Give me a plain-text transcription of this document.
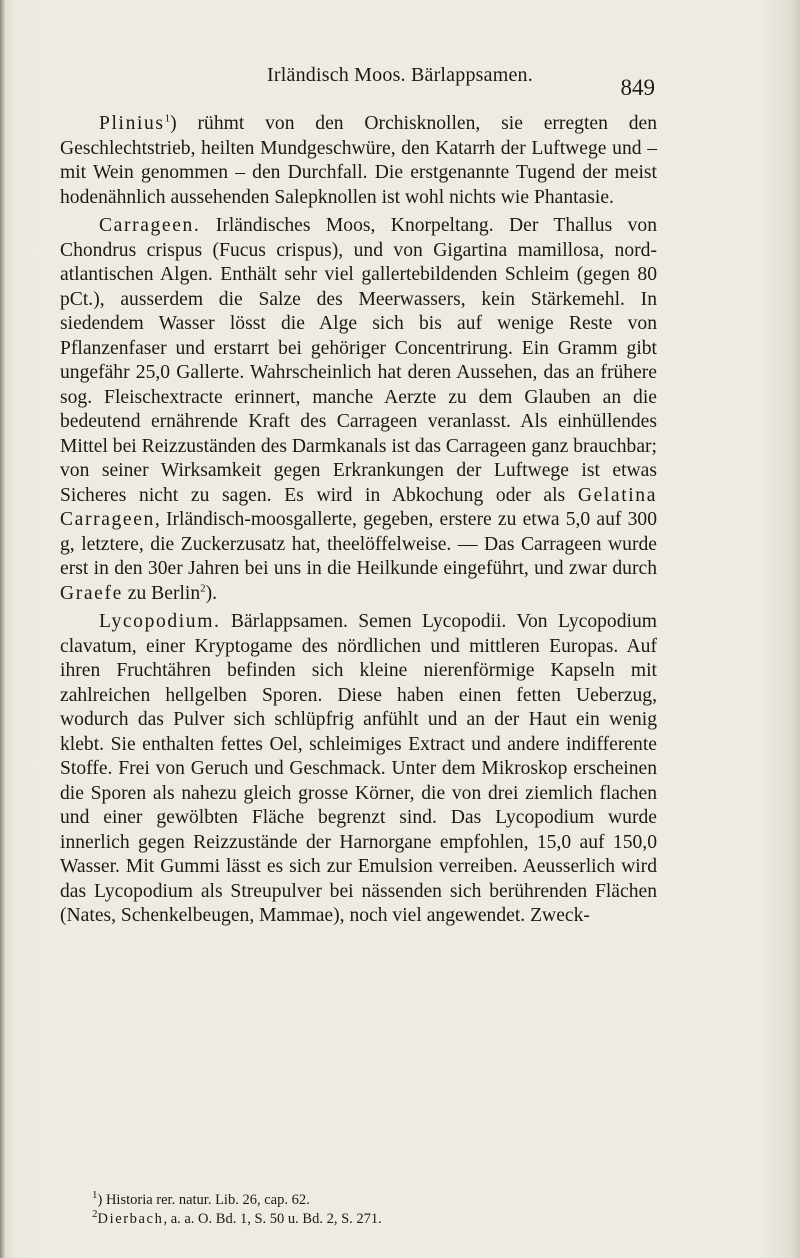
Irländisch Moos. Bärlappsamen.	849

Plinius$^1$) rühmt von den Orchisknollen, sie erregten den Geschlechtstrieb, heilten Mundgeschwüre, den Katarrh der Luftwege und – mit Wein genommen – den Durchfall. Die erstgenannte Tugend der meist hodenähnlich aussehenden Salepknollen ist wohl nichts wie Phantasie.

Carrageen. Irländisches Moos, Knorpeltang. Der Thallus von Chondrus crispus (Fucus crispus), und von Gigartina mamillosa, nord-atlantischen Algen. Enthält sehr viel gallertebildenden Schleim (gegen 80 pCt.), ausserdem die Salze des Meerwassers, kein Stärkemehl. In siedendem Wasser lösst die Alge sich bis auf wenige Reste von Pflanzenfaser und erstarrt bei gehöriger Concentrirung. Ein Gramm gibt ungefähr 25,0 Gallerte. Wahrscheinlich hat deren Aussehen, das an frühere sog. Fleischextracte erinnert, manche Aerzte zu dem Glauben an die bedeutend ernährende Kraft des Carrageen veranlasst. Als einhüllendes Mittel bei Reizzuständen des Darmkanals ist das Carrageen ganz brauchbar; von seiner Wirksamkeit gegen Erkrankungen der Luftwege ist etwas Sicheres nicht zu sagen. Es wird in Abkochung oder als Gelatina Carrageen, Irländisch-moosgallerte, gegeben, erstere zu etwa 5,0 auf 300 g, letztere, die Zuckerzusatz hat, theelöffelweise. — Das Carrageen wurde erst in den 30er Jahren bei uns in die Heilkunde eingeführt, und zwar durch Graefe zu Berlin$^2$).

Lycopodium. Bärlappsamen. Semen Lycopodii. Von Lycopodium clavatum, einer Kryptogame des nördlichen und mittleren Europas. Auf ihren Fruchtähren befinden sich kleine nierenförmige Kapseln mit zahlreichen hellgelben Sporen. Diese haben einen fetten Ueberzug, wodurch das Pulver sich schlüpfrig anfühlt und an der Haut ein wenig klebt. Sie enthalten fettes Oel, schleimiges Extract und andere indifferente Stoffe. Frei von Geruch und Geschmack. Unter dem Mikroskop erscheinen die Sporen als nahezu gleich grosse Körner, die von drei ziemlich flachen und einer gewölbten Fläche begrenzt sind. Das Lycopodium wurde innerlich gegen Reizzustände der Harnorgane empfohlen, 15,0 auf 150,0 Wasser. Mit Gummi lässt es sich zur Emulsion verreiben. Aeusserlich wird das Lycopodium als Streupulver bei nässenden sich berührenden Flächen (Nates, Schenkelbeugen, Mammae), noch viel angewendet. Zweck-

$^1$) Historia rer. natur. Lib. 26, cap. 62.

$^2$Dierbach, a. a. O. Bd. 1, S. 50 u. Bd. 2, S. 271.
